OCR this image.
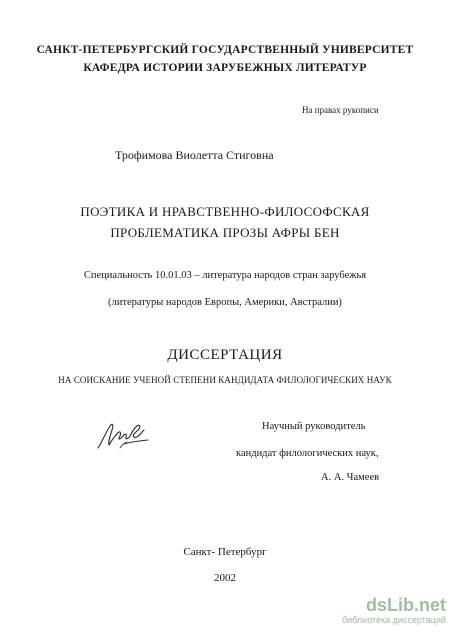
САНКТ-ПЕТЕРБУРГСКИЙ ГОСУДАРСТВЕННЫЙ УНИВЕРСИТЕТ
КАФЕДРА ИСТОРИИ ЗАРУБЕЖНЫХ ЛИТЕРАТУР
На правах рукописи
Трофимова Виолетта Стиговна
ПОЭТИКА И НРАВСТВЕННО-ФИЛОСОФСКАЯ
ПРОБЛЕМАТИКА ПРОЗЫ АФРЫ БЕН
Специальность 10.01.03 – литература народов стран зарубежья
(литературы народов Европы, Америки, Австралии)
ДИССЕРТАЦИЯ
НА СОИСКАНИЕ УЧЕНОЙ СТЕПЕНИ КАНДИДАТА ФИЛОЛОГИЧЕСКИХ НАУК
Научный руководитель
кандидат филологических наук,
А. А. Чамеев
Санкт- Петербург
2002
dsLib.net
библиотека диссертаций
